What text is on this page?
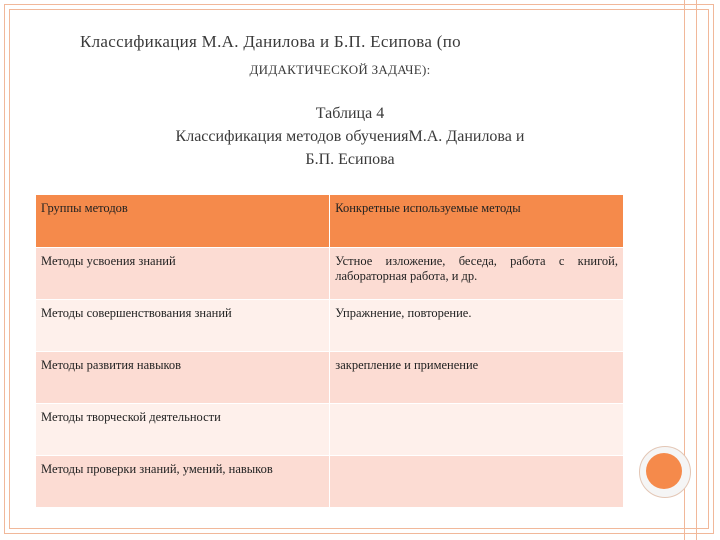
Классификация М.А. Данилова и Б.П. Есипова (по
ДИДАКТИЧЕСКОЙ ЗАДАЧЕ):
Таблица 4
Классификация методов обученияМ.А. Данилова и
Б.П. Есипова
Группы методов	Конкретные используемые методы
Методы усвоения знаний	Устное изложение, беседа, работа с книгой, лабораторная работа, и др.
Методы совершенствования знаний	Упражнение, повторение.
Методы развития навыков	закрепление и применение
Методы творческой деятельности	
Методы проверки знаний, умений, навыков	
